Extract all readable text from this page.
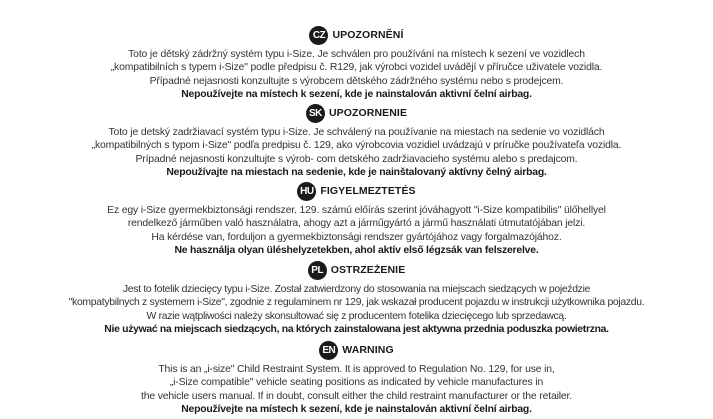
CZ UPOZORNĚNÍ
Toto je dětský zádržný systém typu i-Size. Je schválen pro používání na místech k sezení ve vozidlech
„kompatibilních s typem i-Size" podle předpisu č. R129, jak výrobci vozidel uvádějí v příručce uživatele vozidla.
Případné nejasnosti konzultujte s výrobcem dětského zádržného systému nebo s prodejcem.
Nepoužívejte na místech k sezení, kde je nainstalován aktivní čelní airbag.
SK UPOZORNENIE
Toto je detský zadržiavací systém typu i-Size. Je schválený na používanie na miestach na sedenie vo vozidlách
„kompatibilných s typom i-Size" podľa predpisu č. 129, ako výrobcovia vozidiel uvádzajú v príručke používateľa vozidla.
Prípadné nejasnosti konzultujte s výrob- com detského zadržiavacieho systému alebo s predajcom.
Nepoužívajte na miestach na sedenie, kde je nainštalovaný aktívny čelný airbag.
HU FIGYELMEZTETÉS
Ez egy i-Size gyermekbiztonsági rendszer. 129. számú előírás szerint jóváhagyott "i-Size kompatibilis" ülőhellyel
rendelkező járműben való használatra, ahogy azt a járműgyártó a jármű használati útmutatójában jelzi.
Ha kérdése van, forduljon a gyermekbiztonsági rendszer gyártójához vagy forgalmazójához.
Ne használja olyan üléshelyzetekben, ahol aktív első légzsák van felszerelve.
PL OSTRZEŻENIE
Jest to fotelik dziecięcy typu i-Size. Został zatwierdzony do stosowania na miejscach siedzących w pojeździe
"kompatybilnych z systemem i-Size", zgodnie z regulaminem nr 129, jak wskazał producent pojazdu w instrukcji użytkownika pojazdu.
W razie wątpliwości należy skonsultować się z producentem fotelika dziecięcego lub sprzedawcą.
Nie używać na miejscach siedzących, na których zainstalowana jest aktywna przednia poduszka powietrzna.
EN WARNING
This is an „i-size" Child Restraint System. It is approved to Regulation No. 129, for use in,
„i-Size compatible" vehicle seating positions as indicated by vehicle manufactures in
the vehicle users manual. If in doubt, consult either the child restraint manufacturer or the retailer.
Nepoužívejte na místech k sezení, kde je nainstalován aktivní čelní airbag.
